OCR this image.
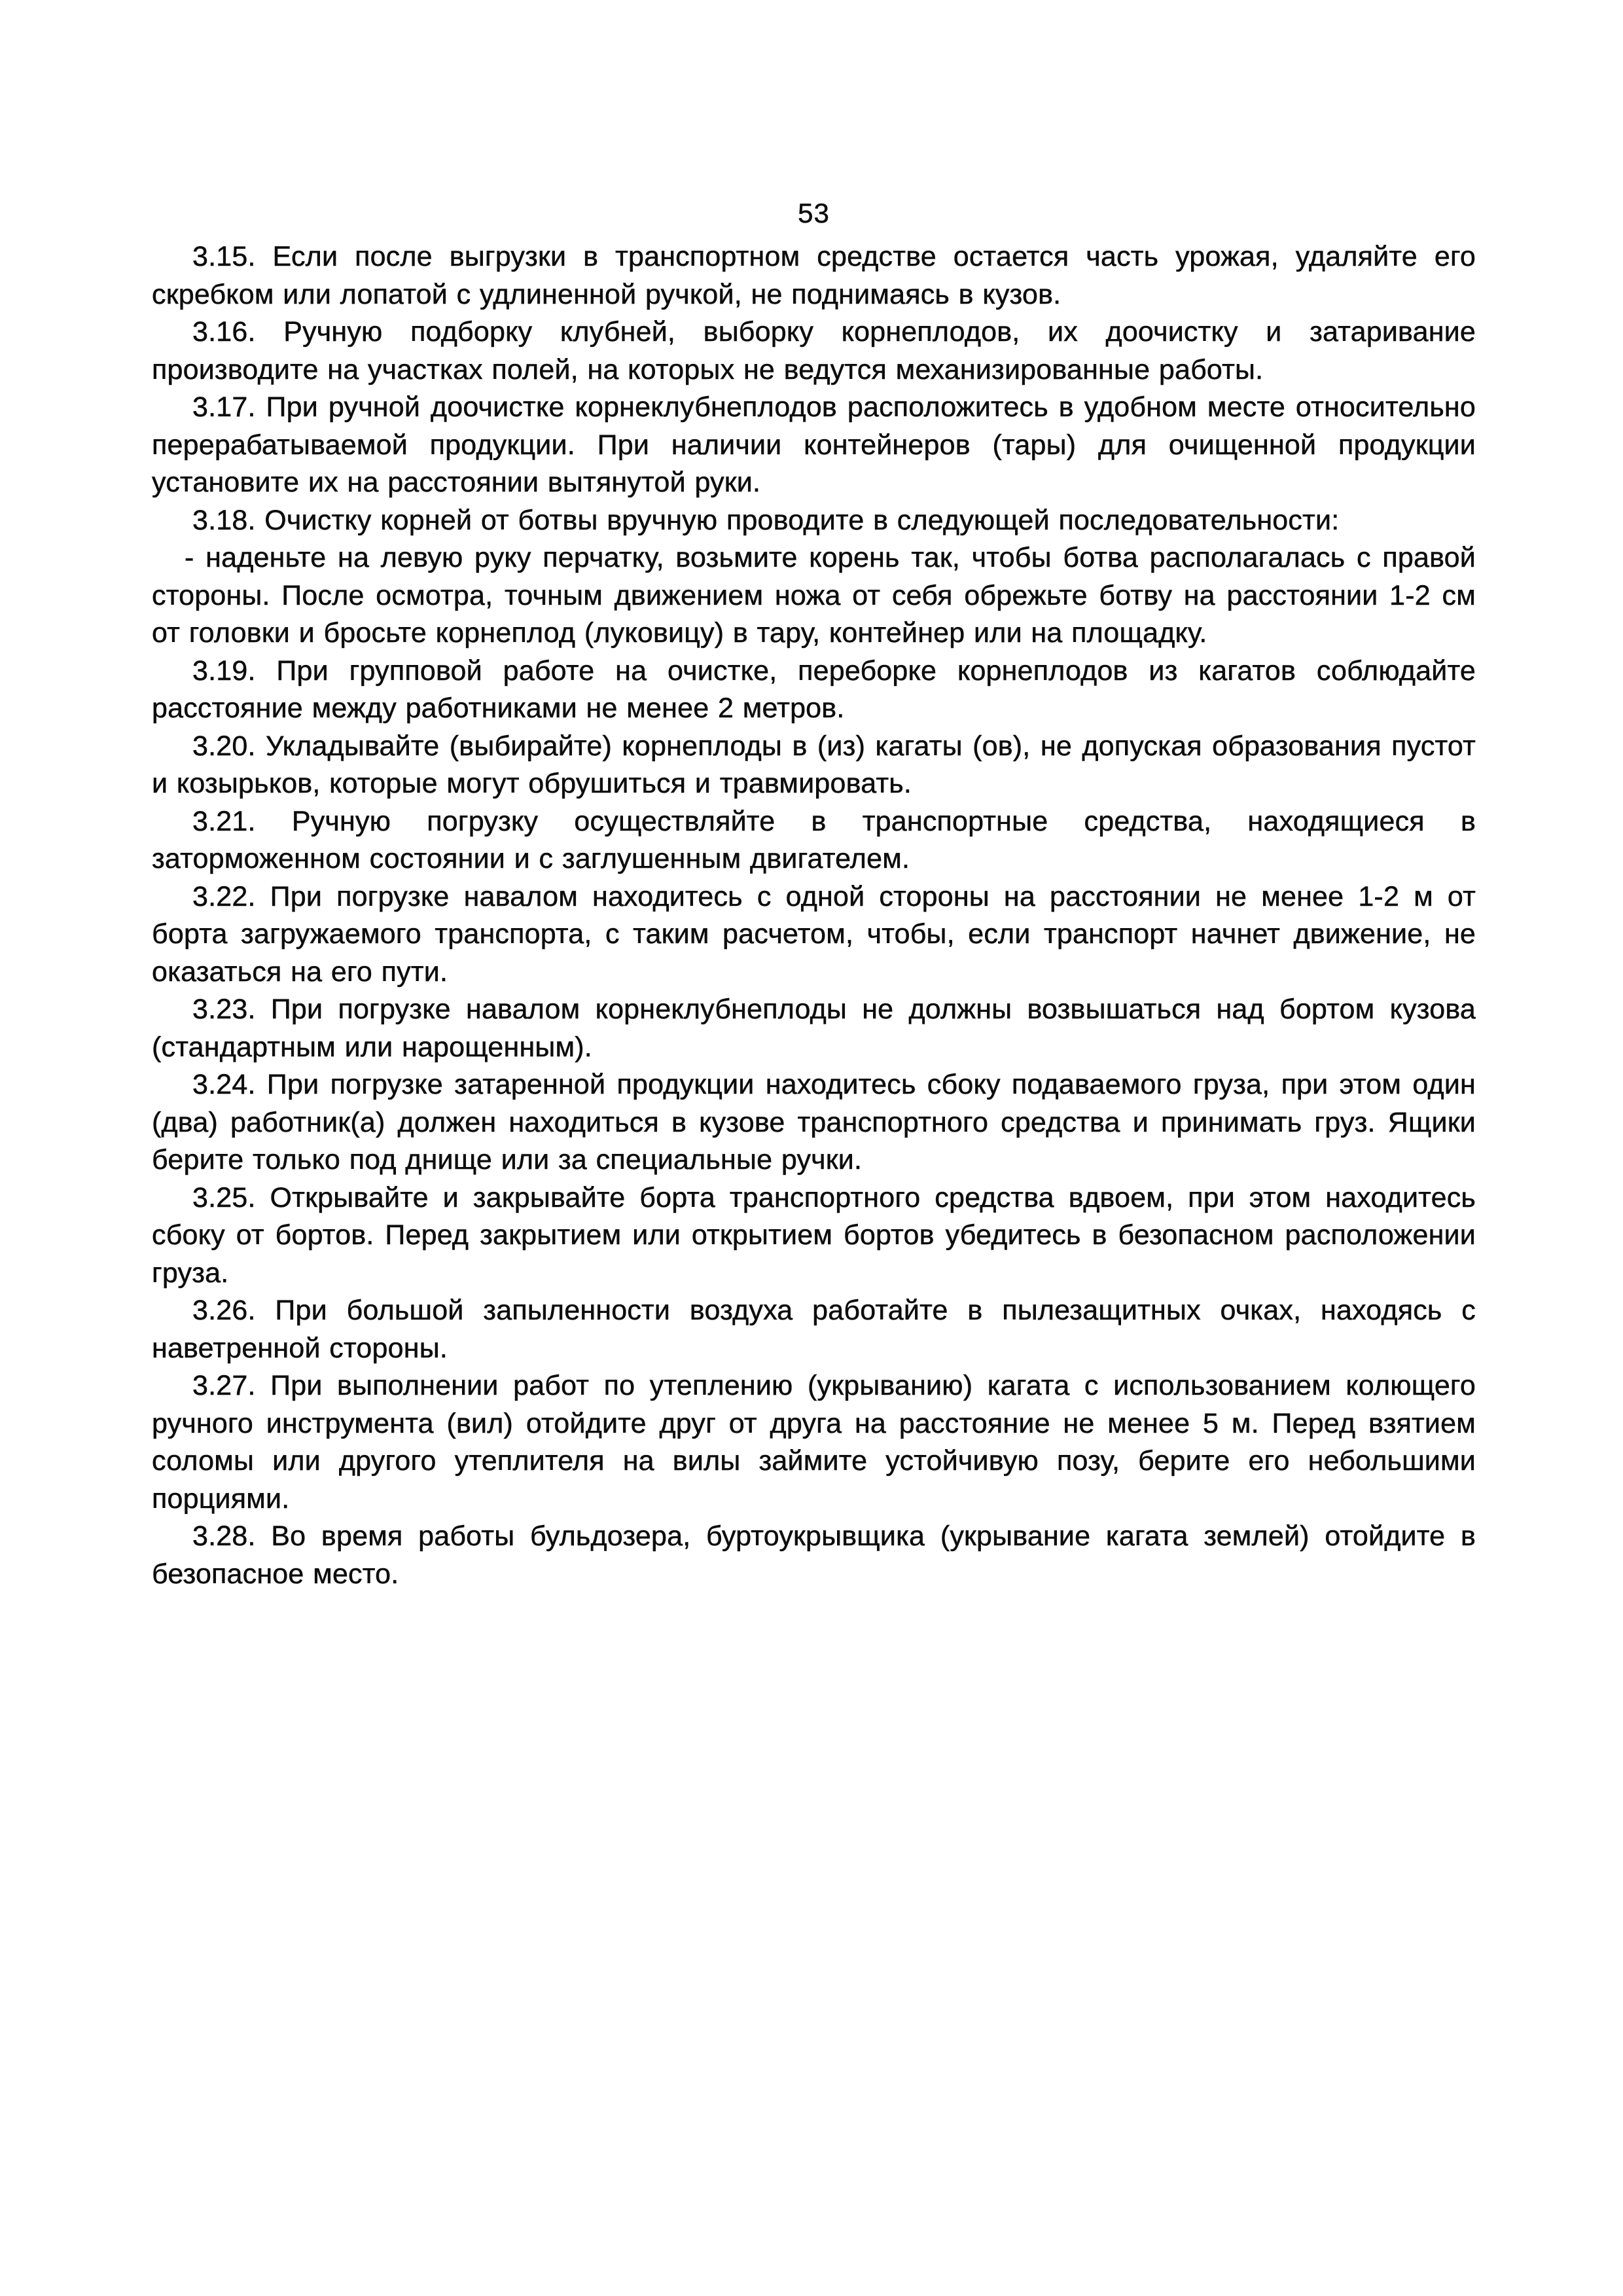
53

3.15. Если после выгрузки в транспортном средстве остается часть урожая, удаляйте его скребком или лопатой с удлиненной ручкой, не поднимаясь в кузов.

3.16. Ручную подборку клубней, выборку корнеплодов, их доочистку и затаривание производите на участках полей, на которых не ведутся механизированные работы.

3.17. При ручной доочистке корнеклубнеплодов расположитесь в удобном месте относительно перерабатываемой продукции. При наличии контейнеров (тары) для очищенной продукции установите их на расстоянии вытянутой руки.

3.18. Очистку корней от ботвы вручную проводите в следующей последовательности:

- наденьте на левую руку перчатку, возьмите корень так, чтобы ботва располагалась с правой стороны. После осмотра, точным движением ножа от себя обрежьте ботву на расстоянии 1-2 см от головки и бросьте корнеплод (луковицу) в тару, контейнер или на площадку.

3.19. При групповой работе на очистке, переборке корнеплодов из кагатов соблюдайте расстояние между работниками не менее 2 метров.

3.20. Укладывайте (выбирайте) корнеплоды в (из) кагаты (ов), не допуская образования пустот и козырьков, которые могут обрушиться и травмировать.

3.21. Ручную погрузку осуществляйте в транспортные средства, находящиеся в заторможенном состоянии и с заглушенным двигателем.

3.22. При погрузке навалом находитесь с одной стороны на расстоянии не менее 1-2 м от борта загружаемого транспорта, с таким расчетом, чтобы, если транспорт начнет движение, не оказаться на его пути.

3.23. При погрузке навалом корнеклубнеплоды не должны возвышаться над бортом кузова (стандартным или нарощенным).

3.24. При погрузке затаренной продукции находитесь сбоку подаваемого груза, при этом один (два) работник(а) должен находиться в кузове транспортного средства и принимать груз. Ящики берите только под днище или за специальные ручки.

3.25. Открывайте и закрывайте борта транспортного средства вдвоем, при этом находитесь сбоку от бортов. Перед закрытием или открытием бортов убедитесь в безопасном расположении груза.

3.26. При большой запыленности воздуха работайте в пылезащитных очках, находясь с наветренной стороны.

3.27. При выполнении работ по утеплению (укрыванию) кагата с использованием колющего ручного инструмента (вил) отойдите друг от друга на расстояние не менее 5 м. Перед взятием соломы или другого утеплителя на вилы займите устойчивую позу, берите его небольшими порциями.

3.28. Во время работы бульдозера, буртоукрывщика (укрывание кагата землей) отойдите в безопасное место.
